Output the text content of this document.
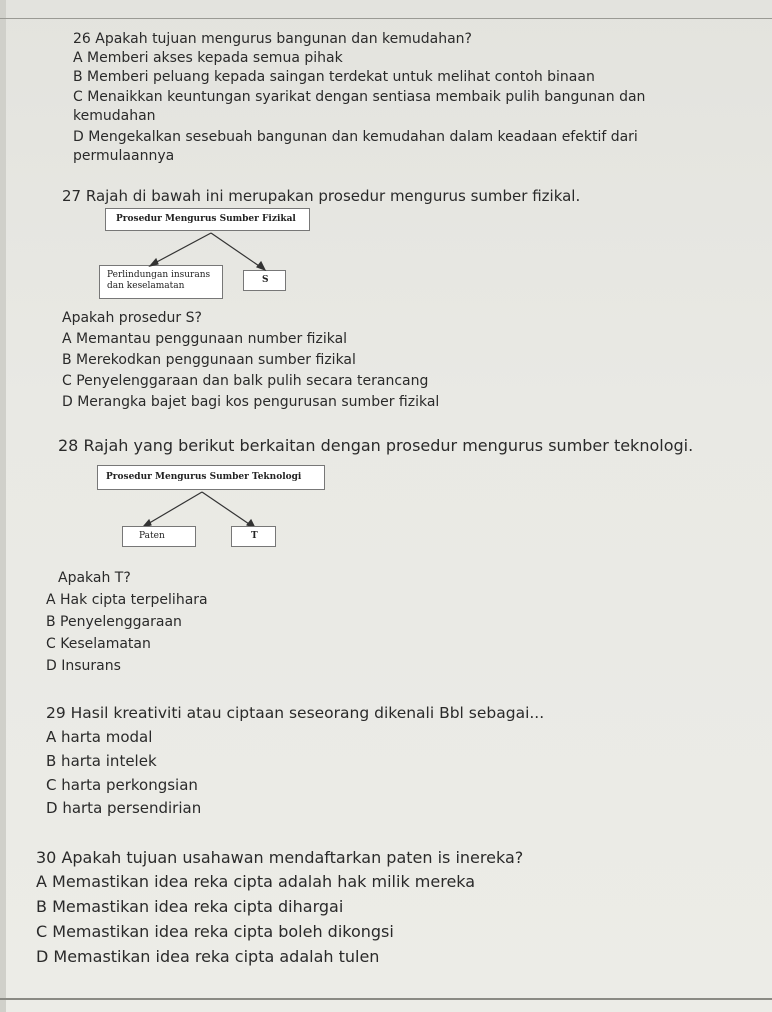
26 Apakah tujuan mengurus bangunan dan kemudahan?
A Memberi akses kepada semua pihak
B Memberi peluang kepada saingan terdekat untuk melihat contoh binaan
C Menaikkan keuntungan syarikat dengan sentiasa membaik pulih bangunan dan
kemudahan
D Mengekalkan sesebuah bangunan dan kemudahan dalam keadaan efektif dari
permulaannya
27 Rajah di bawah ini merupakan prosedur mengurus sumber fizikal.
Prosedur Mengurus Sumber Fizikal
Perlindungan insurans
dan keselamatan
S
Apakah prosedur S?
A Memantau penggunaan number fizikal
B Merekodkan penggunaan sumber fizikal
C Penyelenggaraan dan balk pulih secara terancang
D Merangka bajet bagi kos pengurusan sumber fizikal
28 Rajah yang berikut berkaitan dengan prosedur mengurus sumber teknologi.
Prosedur Mengurus Sumber Teknologi
Paten	T
Apakah T?
A Hak cipta terpelihara
B Penyelenggaraan
C Keselamatan
D Insurans
29 Hasil kreativiti atau ciptaan seseorang dikenali Bbl sebagai...
A harta modal
B harta intelek
C harta perkongsian
D harta persendirian
30 Apakah tujuan usahawan mendaftarkan paten is inereka?
A Memastikan idea reka cipta adalah hak milik mereka
B Memastikan idea reka cipta dihargai
C Memastikan idea reka cipta boleh dikongsi
D Memastikan idea reka cipta adalah tulen
